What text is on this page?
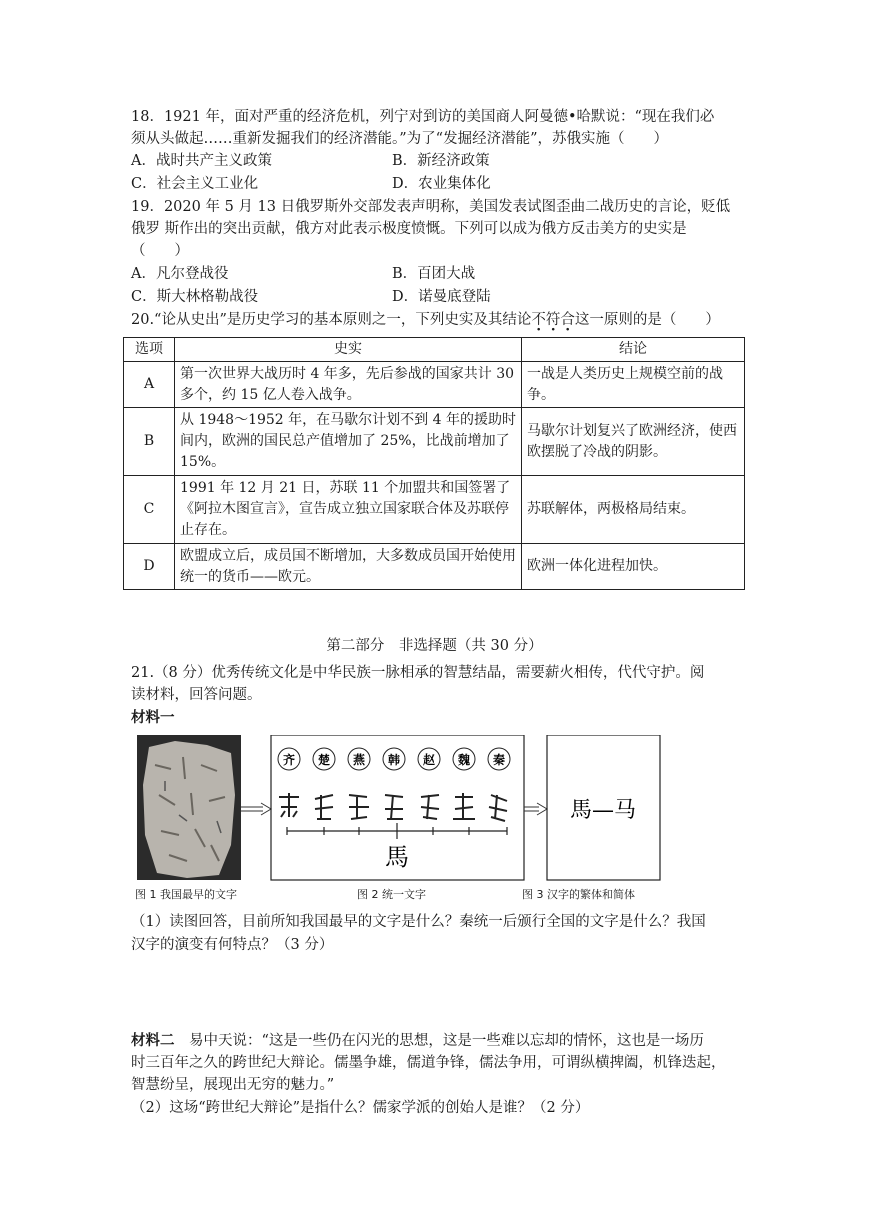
18．1921 年，面对严重的经济危机，列宁对到访的美国商人阿曼德•哈默说：“现在我们必
须从头做起……重新发掘我们的经济潜能。”为了“发掘经济潜能”，苏俄实施（　　）
A．战时共产主义政策	B．新经济政策
C．社会主义工业化	D．农业集体化
19．2020 年 5 月 13 日俄罗斯外交部发表声明称，美国发表试图歪曲二战历史的言论，贬低
俄罗 斯作出的突出贡献，俄方对此表示极度愤慨。下列可以成为俄方反击美方的史实是
（　　）
A．凡尔登战役	B．百团大战
C．斯大林格勒战役	D．诺曼底登陆
20.“论从史出”是历史学习的基本原则之一，下列史实及其结论不符合这一原则的是（　　）
选项	史实	结论
A	第一次世界大战历时 4 年多，先后参战的国家共计 30 多个，约 15 亿人卷入战争。	一战是人类历史上规模空前的战争。
B	从 1948～1952 年，在马歇尔计划不到 4 年的援助时间内，欧洲的国民总产值增加了 25%，比战前增加了 15%。	马歇尔计划复兴了欧洲经济，使西欧摆脱了冷战的阴影。
C	1991 年 12 月 21 日，苏联 11 个加盟共和国签署了《阿拉木图宣言》，宣告成立独立国家联合体及苏联停止存在。	苏联解体，两极格局结束。
D	欧盟成立后，成员国不断增加，大多数成员国开始使用统一的货币——欧元。	欧洲一体化进程加快。
第二部分　非选择题（共 30 分）
21.（8 分）优秀传统文化是中华民族一脉相承的智慧结晶，需要薪火相传，代代守护。阅
读材料，回答问题。
材料一
齐 楚 燕 韩 赵 魏 秦
馬
馬—马
图 1 我国最早的文字	图 2 统一文字	图 3 汉字的繁体和简体
（1）读图回答，目前所知我国最早的文字是什么？秦统一后颁行全国的文字是什么？我国
汉字的演变有何特点？（3 分）
材料二　易中天说：“这是一些仍在闪光的思想，这是一些难以忘却的情怀，这也是一场历
时三百年之久的跨世纪大辩论。儒墨争雄，儒道争锋，儒法争用，可谓纵横捭阖，机锋迭起，
智慧纷呈，展现出无穷的魅力。”
（2）这场“跨世纪大辩论”是指什么？儒家学派的创始人是谁？（2 分）
